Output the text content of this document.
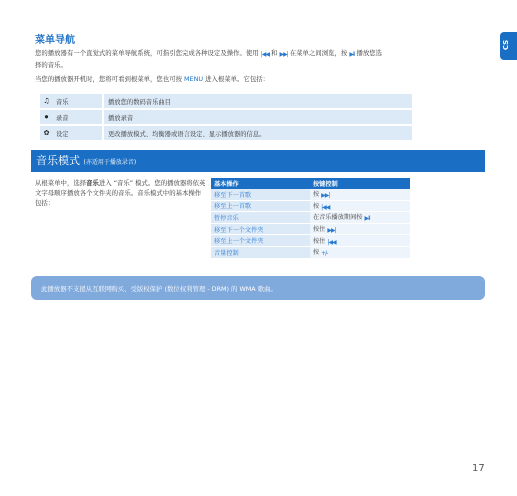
CS
菜单导航
您的播放器有一个直觉式的菜单导航系统，可指引您完成各种设定及操作。使用 |◀◀ 和 ▶▶| 在菜单之间浏览，按 ▶II 播放您选
择的音乐。
当您的播放器开机时，您将可看到根菜单，您也可按 MENU 进入根菜单。它包括：
♫	音乐	播放您的数码音乐曲目
⏺	录音	播放录音
✿	设定	更改播放模式、均衡器或语言设定、显示播放器的信息。
音乐模式 (亦适用于播放录音)
从根菜单中，选择音乐进入 “音乐” 模式。您的播放器将依英文字母顺序播放各个文件夹的音乐。音乐模式中的基本操作包括：
基本操作	按键控制
移至下一首歌	按 ▶▶|
移至上一首歌	按 |◀◀
暂停音乐	在音乐播放期间按 ▶II
移至下一个文件夹	按住 ▶▶|
移至上一个文件夹	按住 |◀◀
音量控制	按 +/-
此播放器不支援从互联网购买、受版权保护 (数位权利管理 - DRM) 的 WMA 歌曲。
17
